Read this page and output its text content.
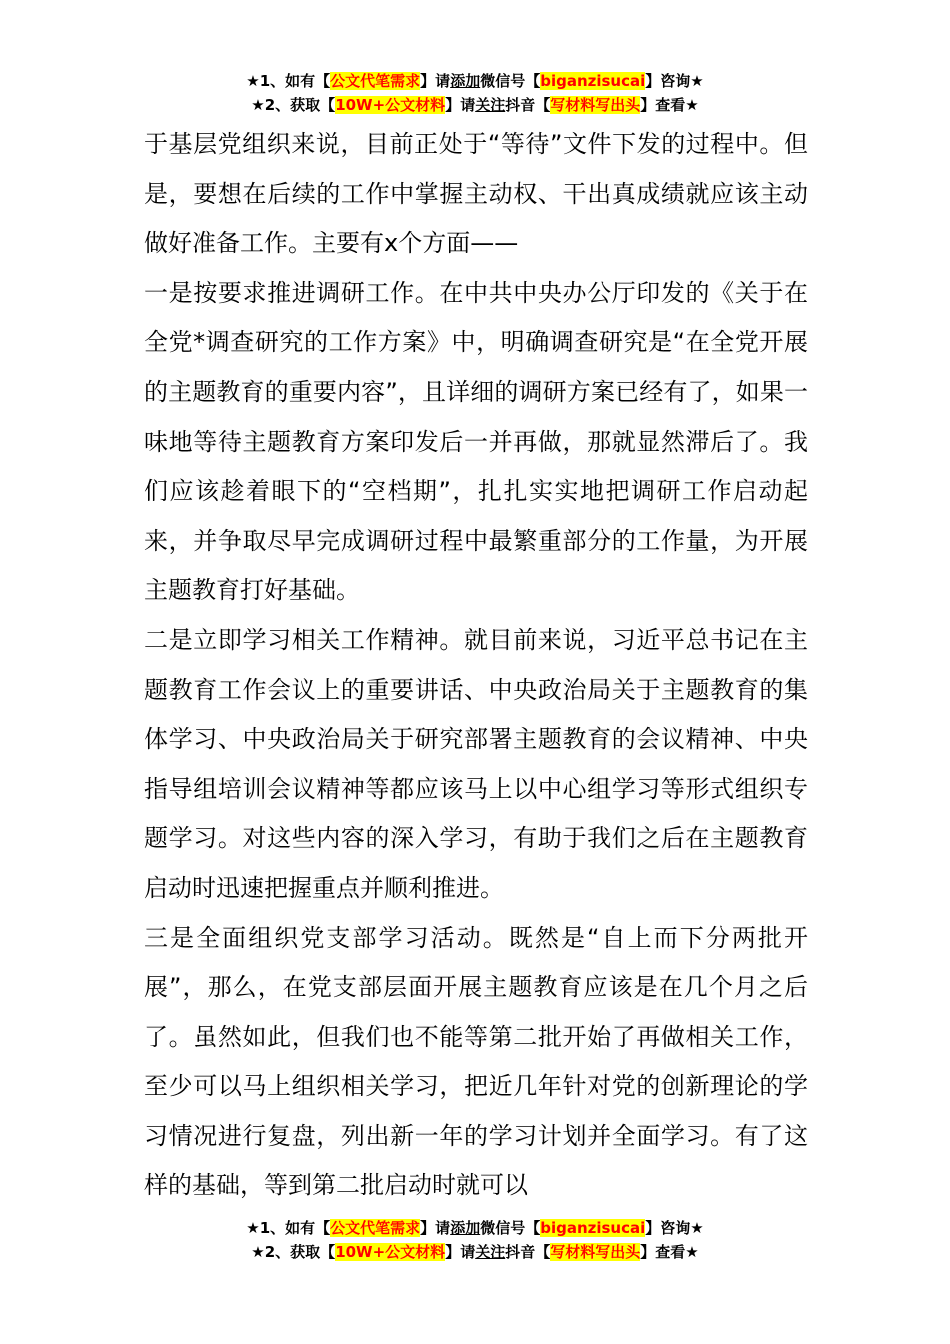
★1、如有【公文代笔需求】请添加微信号【biganzisucai】咨询★
★2、获取【10W+公文材料】请关注抖音【写材料写出头】查看★

于基层党组织来说，目前正处于“等待”文件下发的过程中。但是，要想在后续的工作中掌握主动权、干出真成绩就应该主动做好准备工作。主要有x个方面——

一是按要求推进调研工作。在中共中央办公厅印发的《关于在全党*调查研究的工作方案》中，明确调查研究是“在全党开展的主题教育的重要内容”，且详细的调研方案已经有了，如果一味地等待主题教育方案印发后一并再做，那就显然滞后了。我们应该趁着眼下的“空档期”，扎扎实实地把调研工作启动起来，并争取尽早完成调研过程中最繁重部分的工作量，为开展主题教育打好基础。

二是立即学习相关工作精神。就目前来说，习近平总书记在主题教育工作会议上的重要讲话、中央政治局关于主题教育的集体学习、中央政治局关于研究部署主题教育的会议精神、中央指导组培训会议精神等都应该马上以中心组学习等形式组织专题学习。对这些内容的深入学习，有助于我们之后在主题教育启动时迅速把握重点并顺利推进。

三是全面组织党支部学习活动。既然是“自上而下分两批开展”，那么，在党支部层面开展主题教育应该是在几个月之后了。虽然如此，但我们也不能等第二批开始了再做相关工作，至少可以马上组织相关学习，把近几年针对党的创新理论的学习情况进行复盘，列出新一年的学习计划并全面学习。有了这样的基础，等到第二批启动时就可以

★1、如有【公文代笔需求】请添加微信号【biganzisucai】咨询★
★2、获取【10W+公文材料】请关注抖音【写材料写出头】查看★
